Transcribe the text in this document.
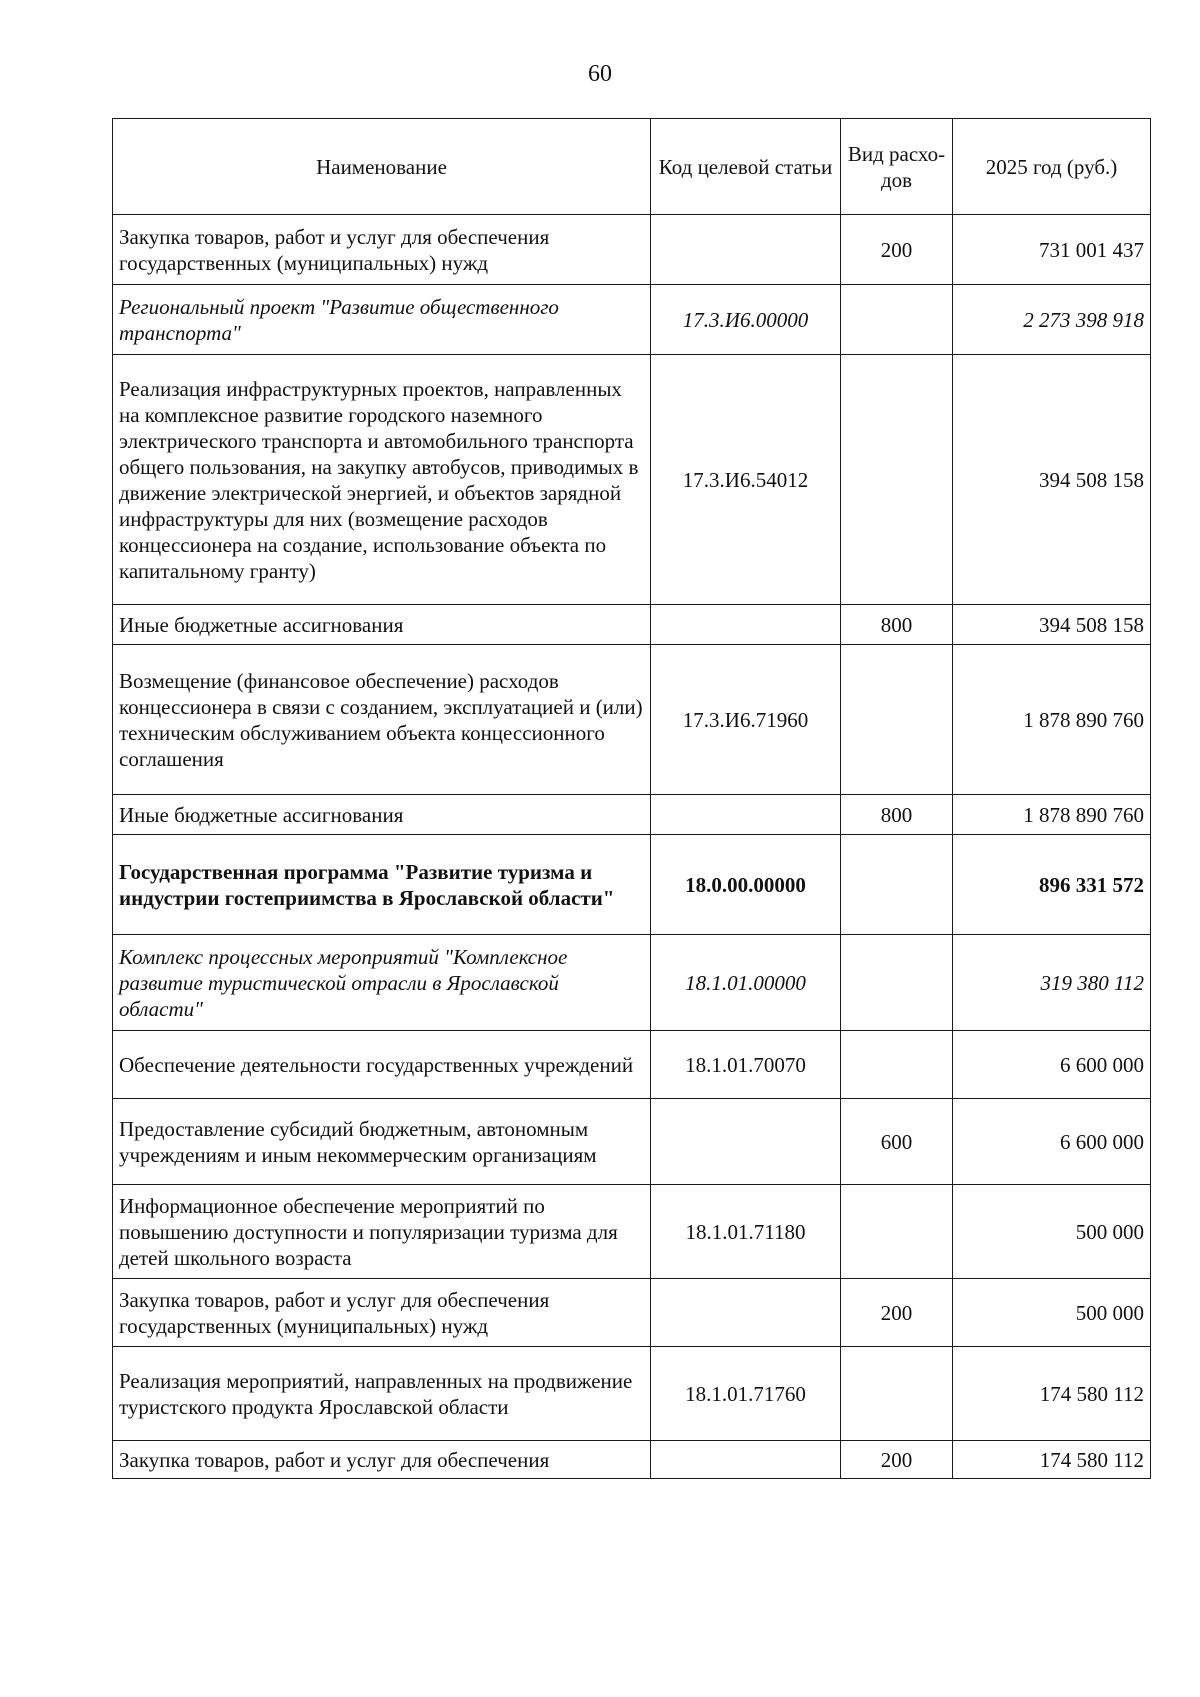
60
Наименование	Код целевой статьи	Вид расхо-дов	2025 год (руб.)
Закупка товаров, работ и услуг для обеспечения государственных (муниципальных) нужд		200	731 001 437
Региональный проект "Развитие общественного транспорта"	17.3.И6.00000		2 273 398 918
Реализация инфраструктурных проектов, направленных на комплексное развитие городского наземного электрического транспорта и автомобильного транспорта общего пользования, на закупку автобусов, приводимых в движение электрической энергией, и объектов зарядной инфраструктуры для них (возмещение расходов концессионера на создание, использование объекта по капитальному гранту)	17.3.И6.54012		394 508 158
Иные бюджетные ассигнования		800	394 508 158
Возмещение (финансовое обеспечение) расходов концессионера в связи с созданием, эксплуатацией и (или) техническим обслуживанием объекта концессионного соглашения	17.3.И6.71960		1 878 890 760
Иные бюджетные ассигнования		800	1 878 890 760
Государственная программа "Развитие туризма и индустрии гостеприимства в Ярославской области"	18.0.00.00000		896 331 572
Комплекс процессных мероприятий "Комплексное развитие туристической отрасли в Ярославской области"	18.1.01.00000		319 380 112
Обеспечение деятельности государственных учреждений	18.1.01.70070		6 600 000
Предоставление субсидий бюджетным, автономным учреждениям и иным некоммерческим организациям		600	6 600 000
Информационное обеспечение мероприятий по повышению доступности и популяризации туризма для детей школьного возраста	18.1.01.71180		500 000
Закупка товаров, работ и услуг для обеспечения государственных (муниципальных) нужд		200	500 000
Реализация мероприятий, направленных на продвижение туристского продукта Ярославской области	18.1.01.71760		174 580 112
Закупка товаров, работ и услуг для обеспечения		200	174 580 112
